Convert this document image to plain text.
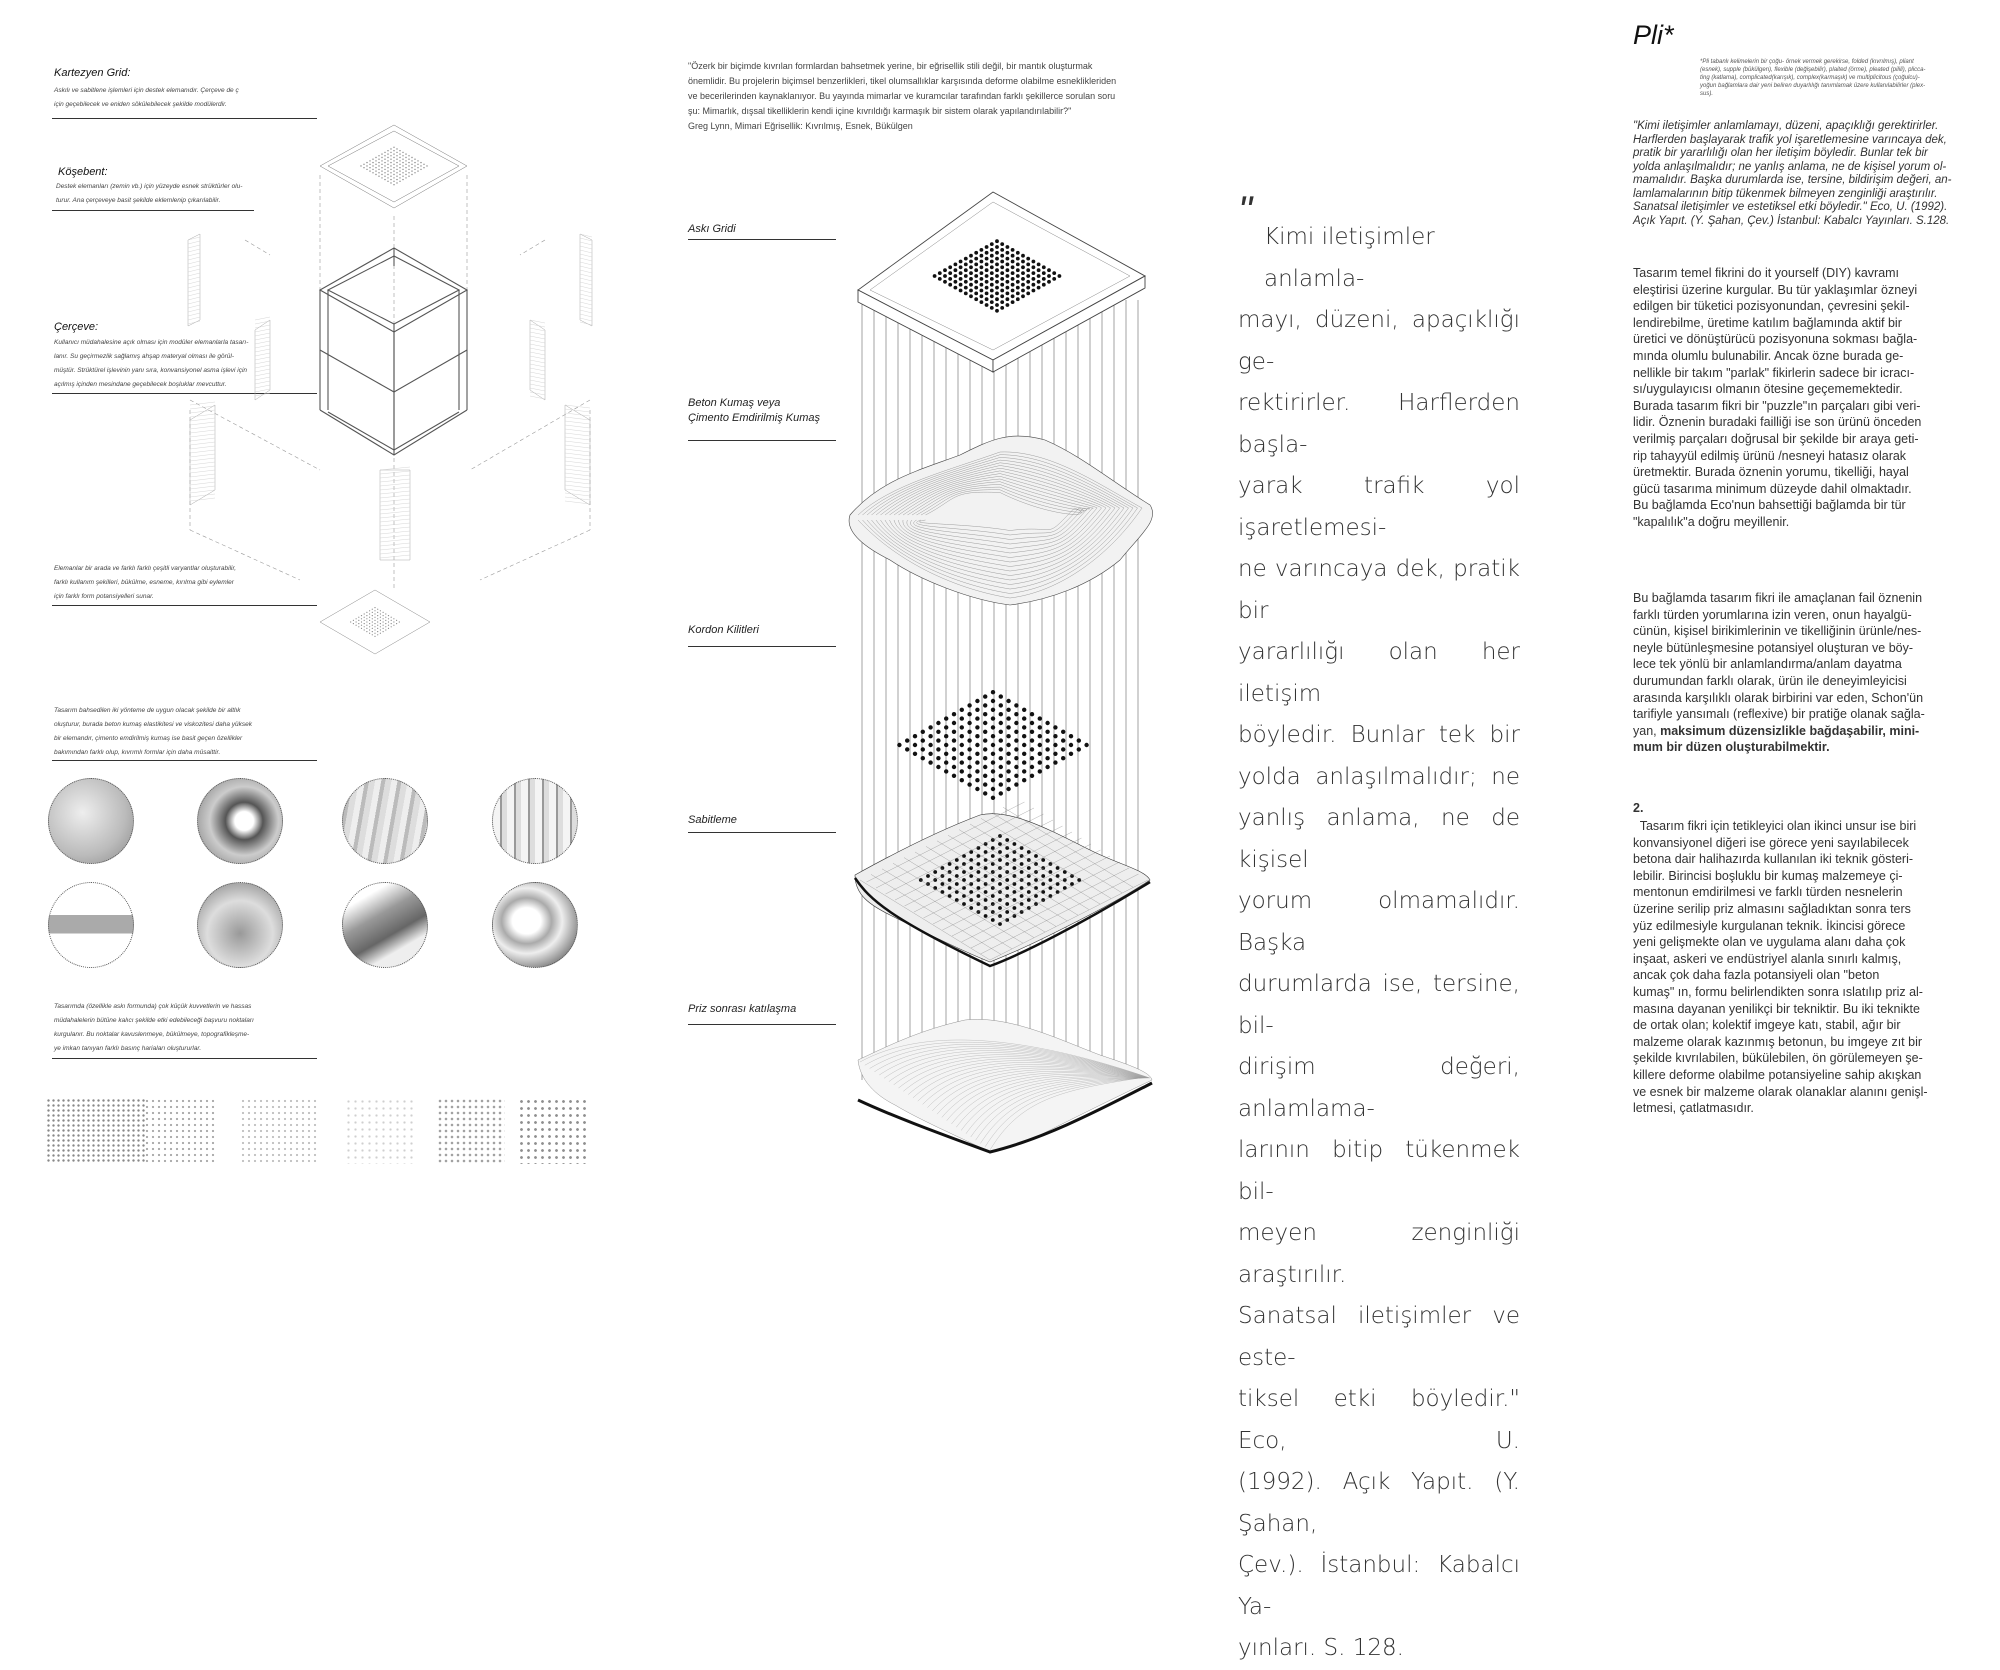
Kartezyen Grid:
Askılı ve sabitlene işlemleri için destek elemanıdır. Çerçeve de ç
için geçebilecek ve eniden sökülebilecek şekilde modülerdir.
Köşebent:
Destek elemanları (zemin vb.) için yüzeyde esnek strüktürler olu-
turur. Ana çerçeveye basit şekilde eklemlenip çıkarılabilir.
Çerçeve:
Kullanıcı müdahalesine açık olması için modüler elemanlarla tasarı-
lanır. Su geçirmezlik sağlamış ahşap materyal olması ile görül-
müştür. Strüktürel işlevinin yanı sıra, konvansiyonel asma işlevi için
açılmış içinden mesindane geçebilecek boşluklar mevcuttur.
Elemanlar bir arada ve farklı farklı çeşitli varyantlar oluşturabilir,
farklı kullanım şekilleri, bükülme, esneme, kırılma gibi eylemler
için farklı form potansiyelleri sunar.
Tasarım bahsedilen iki yönteme de uygun olacak şekilde bir altlık
oluşturur, burada beton kumaş elastikitesi ve viskozitesi daha yüksek
bir elemandır, çimento emdirilmiş kumaş ise basit geçen özellikler
bakımından farklı olup, kıvrımlı formlar için daha müsaittir.
Tasarımda (özellikle askı formunda) çok küçük kuvvetlerin ve hassas
müdahalelerin bütüne kalıcı şekilde etki edebileceği başvuru noktaları
kurgulanır. Bu noktalar kavuslenmeye, bükülmeye, topografikleşme-
ye imkan tanıyan farklı basınç hariaları oluştururlar.
"Özerk bir biçimde kıvrılan formlardan bahsetmek yerine, bir eğrisellik stili değil, bir mantık oluşturmak
önemlidir. Bu projelerin biçimsel benzerlikleri, tikel olumsallıklar karşısında deforme olabilme esneklikleriden
ve becerilerinden kaynaklanıyor. Bu yayında mimarlar ve kuramcılar tarafından farklı şekillerce sorulan soru
şu: Mimarlık, dışsal tikelliklerin kendi içine kıvrıldığı karmaşık bir sistem olarak yapılandırılabilir?"
Greg Lynn, Mimari Eğrisellik: Kıvrılmış, Esnek, Bükülgen
Askı Gridi
Beton Kumaş veya
Çimento Emdirilmiş Kumaş
Kordon Kilitleri
Sabitleme
Priz sonrası katılaşma
"
Kimi iletişimler anlamla-
mayı, düzeni, apaçıklığı ge-
rektirirler. Harflerden başla-
yarak trafik yol işaretlemesi-
ne varıncaya dek, pratik bir
yararlılığı olan her iletişim
böyledir. Bunlar tek bir
yolda anlaşılmalıdır; ne
yanlış anlama, ne de kişisel
yorum olmamalıdır. Başka
durumlarda ise, tersine, bil-
dirişim değeri, anlamlama-
larının bitip tükenmek bil-
meyen zenginliği araştırılır.
Sanatsal iletişimler ve este-
tiksel etki böyledir." Eco, U.
(1992). Açık Yapıt. (Y. Şahan,
Çev.). İstanbul: Kabalcı Ya-
yınları. S. 128.
Pli*
*Pli tabanlı kelimelerin bir çoğu- örnek vermek gerekirse, folded (kıvrılmış), pliant
(esnek), supple (bükülgen), flexible (değişebilir), plaited (örme), pleated (pilili), plicca-
ting (katlama), complicated(karışık), complex(karmaşık) ve multiplicitous (çoğulcu)-
yoğun bağlamlara dair yeni beliren duyarlılığı tanımlamak üzere kullanılabilirler (plex-
sus).
"Kimi iletişimler anlamlamayı, düzeni, apaçıklığı gerektirirler.
Harflerden başlayarak trafik yol işaretlemesine varıncaya dek,
pratik bir yararlılığı olan her iletişim böyledir. Bunlar tek bir
yolda anlaşılmalıdır; ne yanlış anlama, ne de kişisel yorum ol-
mamalıdır. Başka durumlarda ise, tersine, bildirişim değeri, an-
lamlamalarının bitip tükenmek bilmeyen zenginliği araştırılır.
Sanatsal iletişimler ve estetiksel etki böyledir." Eco, U. (1992).
Açık Yapıt. (Y. Şahan, Çev.) İstanbul: Kabalcı Yayınları. S.128.
Tasarım temel fikrini do it yourself (DIY) kavramı
eleştirisi üzerine kurgular. Bu tür yaklaşımlar özneyi
edilgen bir tüketici pozisyonundan, çevresini şekil-
lendirebilme, üretime katılım bağlamında aktif bir
üretici ve dönüştürücü pozisyonuna sokması bağla-
mında olumlu bulunabilir. Ancak özne burada ge-
nellikle bir takım "parlak" fikirlerin sadece bir icracı-
sı/uygulayıcısı olmanın ötesine geçememektedir.
Burada tasarım fikri bir "puzzle"ın parçaları gibi veri-
lidir. Öznenin buradaki failliği ise son ürünü önceden
verilmiş parçaları doğrusal bir şekilde bir araya geti-
rip tahayyül edilmiş ürünü /nesneyi hatasız olarak
üretmektir. Burada öznenin yorumu, tikelliği, hayal
gücü tasarıma minimum düzeyde dahil olmaktadır.
Bu bağlamda Eco'nun bahsettiği bağlamda bir tür
"kapalılık"a doğru meyillenir.
Bu bağlamda tasarım fikri ile amaçlanan fail öznenin
farklı türden yorumlarına izin veren, onun hayalgü-
cünün, kişisel birikimlerinin ve tikelliğinin ürünle/nes-
neyle bütünleşmesine potansiyel oluşturan ve böy-
lece tek yönlü bir anlamlandırma/anlam dayatma
durumundan farklı olarak, ürün ile deneyimleyicisi
arasında karşılıklı olarak birbirini var eden, Schon'ün
tarifiyle yansımalı (reflexive) bir pratiğe olanak sağla-
yan, maksimum düzensizlikle bağdaşabilir, mini-
mum bir düzen oluşturabilmektir.
2.
Tasarım fikri için tetikleyici olan ikinci unsur ise biri
konvansiyonel diğeri ise görece yeni sayılabilecek
betona dair halihazırda kullanılan iki teknik gösteri-
lebilir. Birincisi boşluklu bir kumaş malzemeye çi-
mentonun emdirilmesi ve farklı türden nesnelerin
üzerine serilip priz almasını sağladıktan sonra ters
yüz edilmesiyle kurgulanan teknik. İkincisi görece
yeni gelişmekte olan ve uygulama alanı daha çok
inşaat, askeri ve endüstriyel alanla sınırlı kalmış,
ancak çok daha fazla potansiyeli olan "beton
kumaş" ın, formu belirlendikten sonra ıslatılıp priz al-
masına dayanan yenilikçi bir tekniktir. Bu iki teknikte
de ortak olan; kolektif imgeye katı, stabil, ağır bir
malzeme olarak kazınmış betonun, bu imgeye zıt bir
şekilde kıvrılabilen, bükülebilen, ön görülemeyen şe-
killere deforme olabilme potansiyeline sahip akışkan
ve esnek bir malzeme olarak olanaklar alanını genişl-
letmesi, çatlatmasıdır.
